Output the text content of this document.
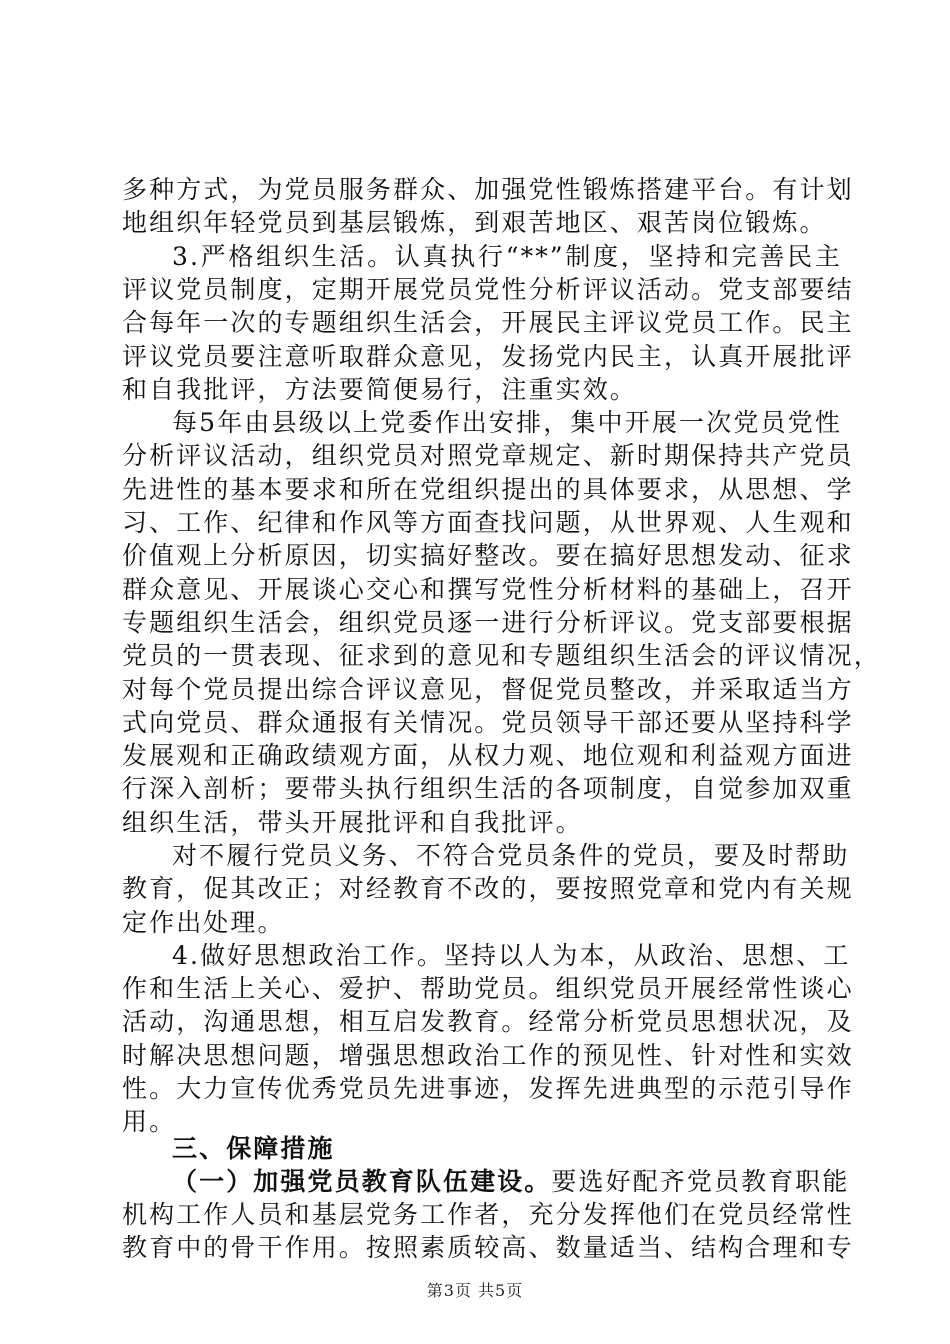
多种方式，为党员服务群众、加强党性锻炼搭建平台。有计划
地组织年轻党员到基层锻炼，到艰苦地区、艰苦岗位锻炼。
3.严格组织生活。认真执行“**”制度，坚持和完善民主
评议党员制度，定期开展党员党性分析评议活动。党支部要结
合每年一次的专题组织生活会，开展民主评议党员工作。民主
评议党员要注意听取群众意见，发扬党内民主，认真开展批评
和自我批评，方法要简便易行，注重实效。
每5年由县级以上党委作出安排，集中开展一次党员党性
分析评议活动，组织党员对照党章规定、新时期保持共产党员
先进性的基本要求和所在党组织提出的具体要求，从思想、学
习、工作、纪律和作风等方面查找问题，从世界观、人生观和
价值观上分析原因，切实搞好整改。要在搞好思想发动、征求
群众意见、开展谈心交心和撰写党性分析材料的基础上，召开
专题组织生活会，组织党员逐一进行分析评议。党支部要根据
党员的一贯表现、征求到的意见和专题组织生活会的评议情况，
对每个党员提出综合评议意见，督促党员整改，并采取适当方
式向党员、群众通报有关情况。党员领导干部还要从坚持科学
发展观和正确政绩观方面，从权力观、地位观和利益观方面进
行深入剖析；要带头执行组织生活的各项制度，自觉参加双重
组织生活，带头开展批评和自我批评。
对不履行党员义务、不符合党员条件的党员，要及时帮助
教育，促其改正；对经教育不改的，要按照党章和党内有关规
定作出处理。
4.做好思想政治工作。坚持以人为本，从政治、思想、工
作和生活上关心、爱护、帮助党员。组织党员开展经常性谈心
活动，沟通思想，相互启发教育。经常分析党员思想状况，及
时解决思想问题，增强思想政治工作的预见性、针对性和实效
性。大力宣传优秀党员先进事迹，发挥先进典型的示范引导作
用。
三、保障措施
（一）加强党员教育队伍建设。要选好配齐党员教育职能
机构工作人员和基层党务工作者，充分发挥他们在党员经常性
教育中的骨干作用。按照素质较高、数量适当、结构合理和专
第3页 共5页
